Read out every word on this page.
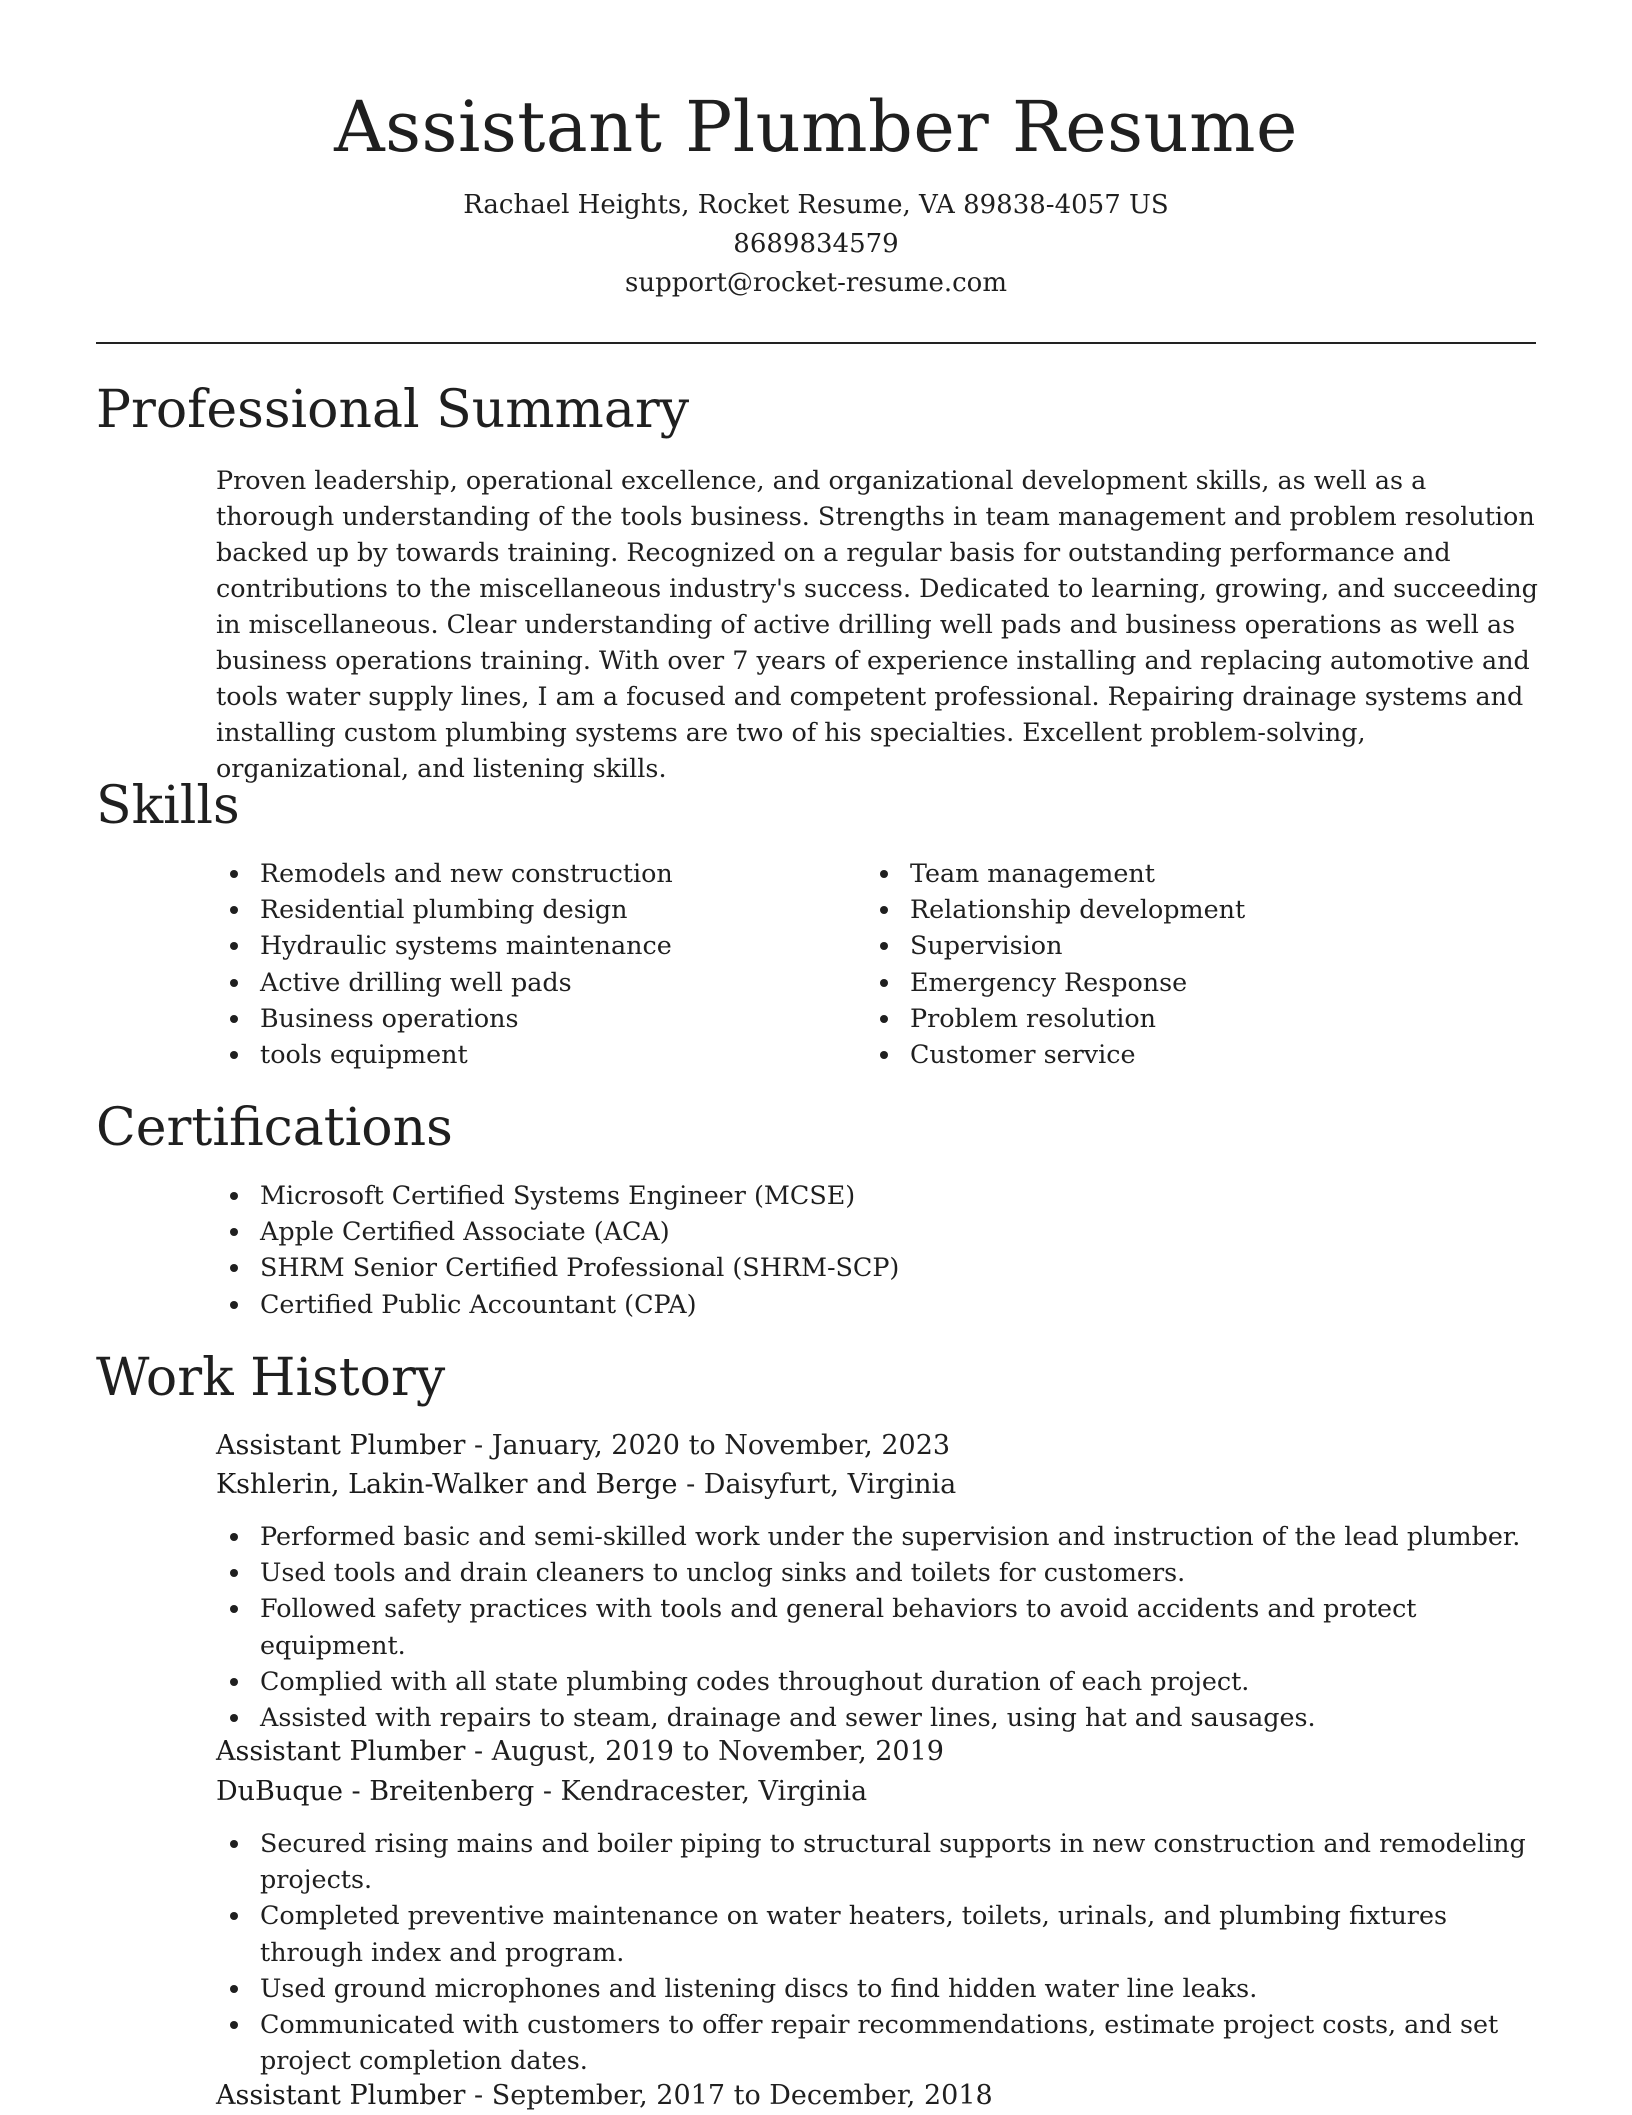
Assistant Plumber Resume
Rachael Heights, Rocket Resume, VA 89838-4057 US
8689834579
support@rocket-resume.com
Professional Summary

Proven leadership, operational excellence, and organizational development skills, as well as a thorough understanding of the tools business. Strengths in team management and problem resolution backed up by towards training. Recognized on a regular basis for outstanding performance and contributions to the miscellaneous industry's success. Dedicated to learning, growing, and succeeding in miscellaneous. Clear understanding of active drilling well pads and business operations as well as business operations training. With over 7 years of experience installing and replacing automotive and tools water supply lines, I am a focused and competent professional. Repairing drainage systems and installing custom plumbing systems are two of his specialties. Excellent problem-solving, organizational, and listening skills.

Skills
Remodels and new construction
Residential plumbing design
Hydraulic systems maintenance
Active drilling well pads
Business operations
tools equipment
Team management
Relationship development
Supervision
Emergency Response
Problem resolution
Customer service
Certifications
Microsoft Certified Systems Engineer (MCSE)
Apple Certified Associate (ACA)
SHRM Senior Certified Professional (SHRM-SCP)
Certified Public Accountant (CPA)
Work History
Assistant Plumber - January, 2020 to November, 2023
Kshlerin, Lakin-Walker and Berge - Daisyfurt, Virginia
Performed basic and semi-skilled work under the supervision and instruction of the lead plumber.
Used tools and drain cleaners to unclog sinks and toilets for customers.
Followed safety practices with tools and general behaviors to avoid accidents and protect equipment.
Complied with all state plumbing codes throughout duration of each project.
Assisted with repairs to steam, drainage and sewer lines, using hat and sausages.
Assistant Plumber - August, 2019 to November, 2019
DuBuque - Breitenberg - Kendracester, Virginia
Secured rising mains and boiler piping to structural supports in new construction and remodeling projects.
Completed preventive maintenance on water heaters, toilets, urinals, and plumbing fixtures through index and program.
Used ground microphones and listening discs to find hidden water line leaks.
Communicated with customers to offer repair recommendations, estimate project costs, and set project completion dates.
Assistant Plumber - September, 2017 to December, 2018
